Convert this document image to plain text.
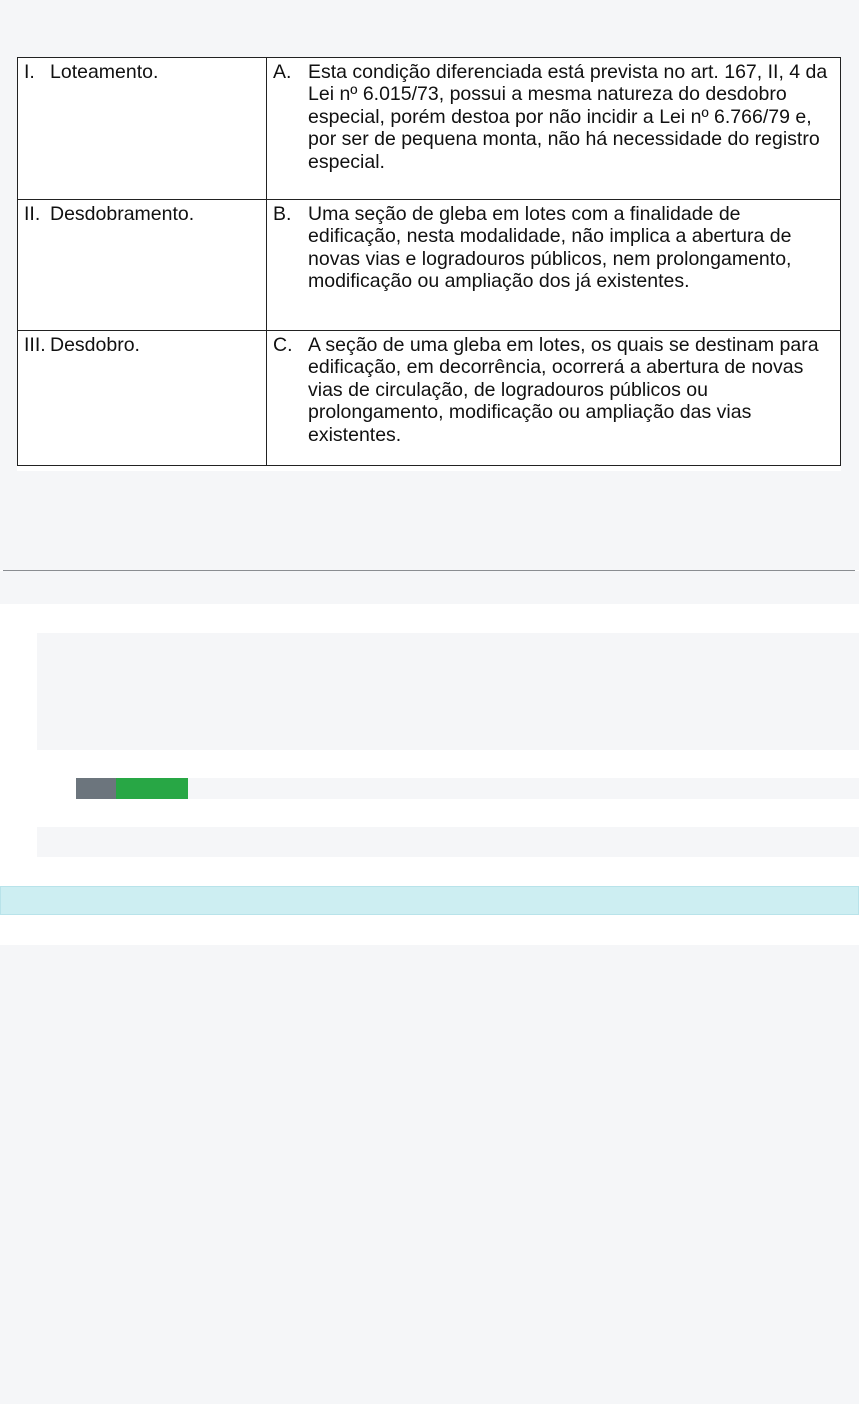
I. Loteamento.	A. Esta condição diferenciada está prevista no art. 167, II, 4 da Lei nº 6.015/73, possui a mesma natureza do desdobro especial, porém destoa por não incidir a Lei nº 6.766/79 e, por ser de pequena monta, não há necessidade do registro especial.

II. Desdobramento.	B. Uma seção de gleba em lotes com a finalidade de edificação, nesta modalidade, não implica a abertura de novas vias e logradouros públicos, nem prolongamento, modificação ou ampliação dos já existentes.

III. Desdobro.	C. A seção de uma gleba em lotes, os quais se destinam para edificação, em decorrência, ocorrerá a abertura de novas vias de circulação, de logradouros públicos ou prolongamento, modificação ou ampliação das vias existentes.
